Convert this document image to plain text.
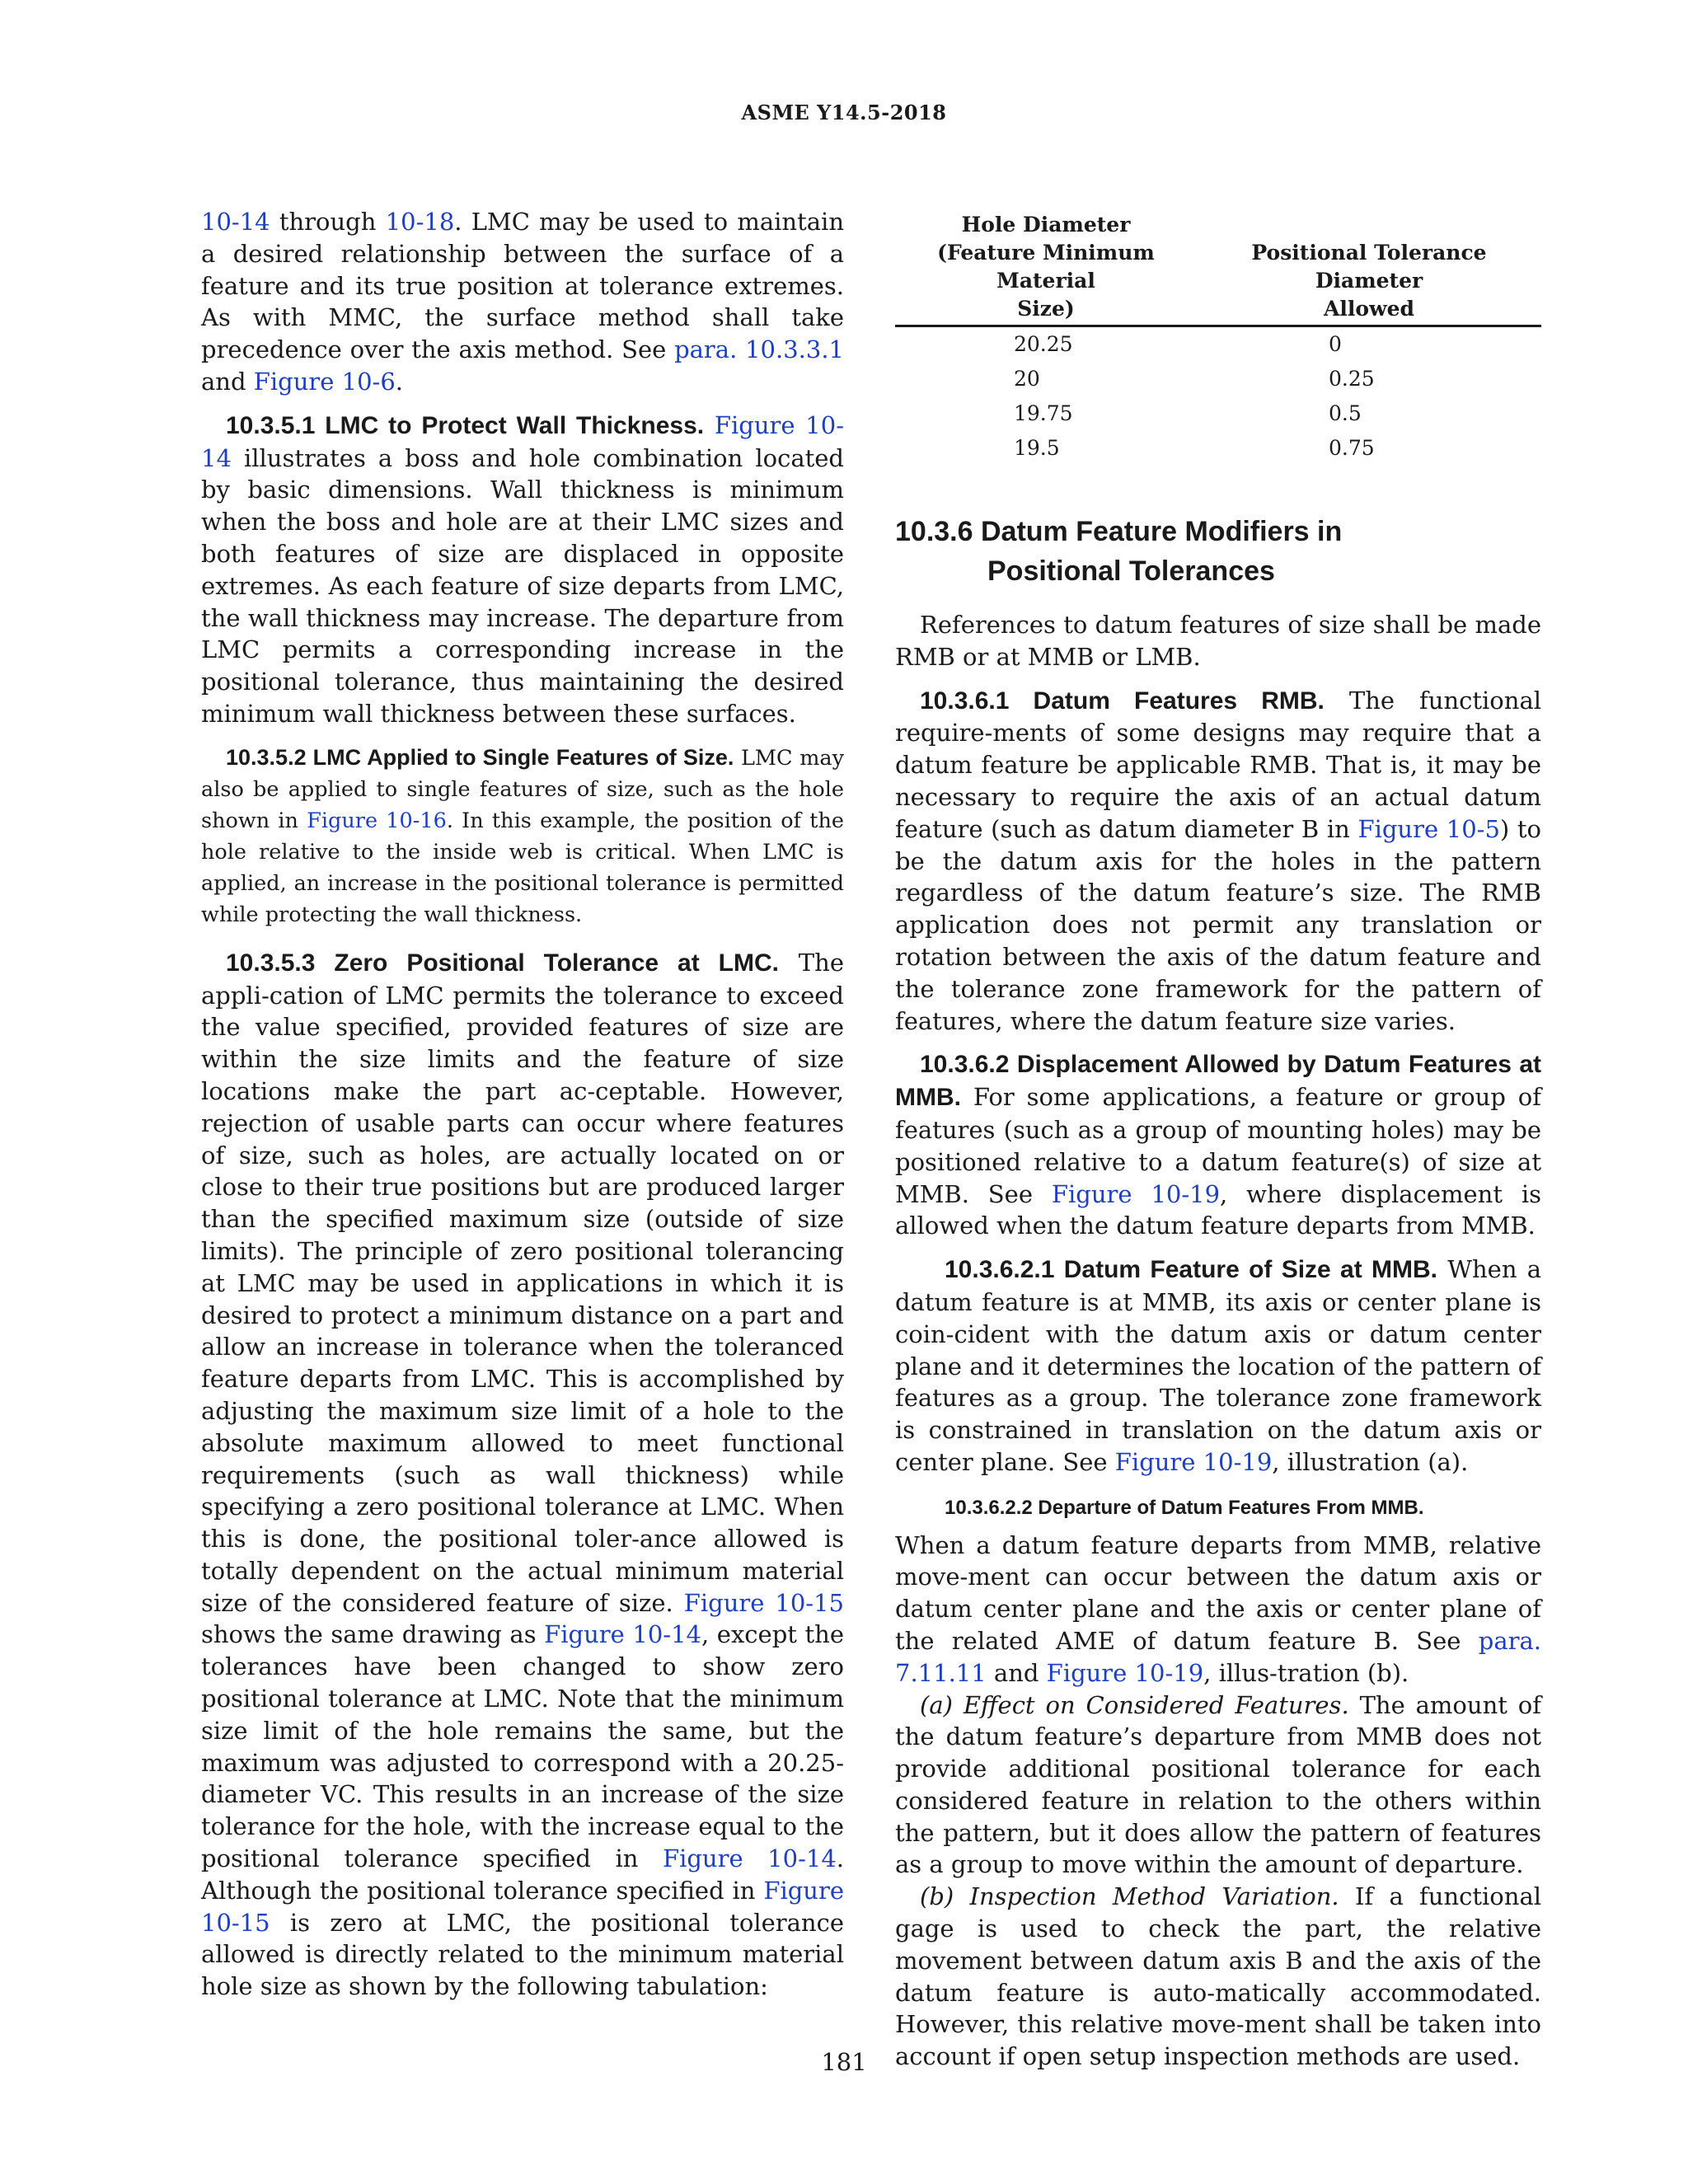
ASME Y14.5-2018

10-14 through 10-18. LMC may be used to maintain a desired relationship between the surface of a feature and its true position at tolerance extremes. As with MMC, the surface method shall take precedence over the axis method. See para. 10.3.3.1 and Figure 10-6.

10.3.5.1 LMC to Protect Wall Thickness. Figure 10-14 illustrates a boss and hole combination located by basic dimensions. Wall thickness is minimum when the boss and hole are at their LMC sizes and both features of size are displaced in opposite extremes. As each feature of size departs from LMC, the wall thickness may increase. The departure from LMC permits a corresponding increase in the positional tolerance, thus maintaining the desired minimum wall thickness between these surfaces.

10.3.5.2 LMC Applied to Single Features of Size. LMC may also be applied to single features of size, such as the hole shown in Figure 10-16. In this example, the position of the hole relative to the inside web is critical. When LMC is applied, an increase in the positional tolerance is permitted while protecting the wall thickness.

10.3.5.3 Zero Positional Tolerance at LMC. The appli-cation of LMC permits the tolerance to exceed the value specified, provided features of size are within the size limits and the feature of size locations make the part ac-ceptable. However, rejection of usable parts can occur where features of size, such as holes, are actually located on or close to their true positions but are produced larger than the specified maximum size (outside of size limits). The principle of zero positional tolerancing at LMC may be used in applications in which it is desired to protect a minimum distance on a part and allow an increase in tolerance when the toleranced feature departs from LMC. This is accomplished by adjusting the maximum size limit of a hole to the absolute maximum allowed to meet functional requirements (such as wall thickness) while specifying a zero positional tolerance at LMC. When this is done, the positional toler-ance allowed is totally dependent on the actual minimum material size of the considered feature of size. Figure 10-15 shows the same drawing as Figure 10-14, except the tolerances have been changed to show zero positional tolerance at LMC. Note that the minimum size limit of the hole remains the same, but the maximum was adjusted to correspond with a 20.25-diameter VC. This results in an increase of the size tolerance for the hole, with the increase equal to the positional tolerance specified in Figure 10-14. Although the positional tolerance specified in Figure 10-15 is zero at LMC, the positional tolerance allowed is directly related to the minimum material hole size as shown by the following tabulation:

Hole Diameter
(Feature Minimum Material
Size)	Positional Tolerance Diameter
Allowed
20.25	0
20	0.25
19.75	0.5
19.5	0.75
10.3.6 Datum Feature Modifiers in
Positional Tolerances

References to datum features of size shall be made RMB or at MMB or LMB.

10.3.6.1 Datum Features RMB. The functional require-ments of some designs may require that a datum feature be applicable RMB. That is, it may be necessary to require the axis of an actual datum feature (such as datum diameter B in Figure 10-5) to be the datum axis for the holes in the pattern regardless of the datum feature’s size. The RMB application does not permit any translation or rotation between the axis of the datum feature and the tolerance zone framework for the pattern of features, where the datum feature size varies.

10.3.6.2 Displacement Allowed by Datum Features at MMB. For some applications, a feature or group of features (such as a group of mounting holes) may be positioned relative to a datum feature(s) of size at MMB. See Figure 10-19, where displacement is allowed when the datum feature departs from MMB.

10.3.6.2.1 Datum Feature of Size at MMB. When a datum feature is at MMB, its axis or center plane is coin-cident with the datum axis or datum center plane and it determines the location of the pattern of features as a group. The tolerance zone framework is constrained in translation on the datum axis or center plane. See Figure 10-19, illustration (a).

10.3.6.2.2 Departure of Datum Features From MMB.

When a datum feature departs from MMB, relative move-ment can occur between the datum axis or datum center plane and the axis or center plane of the related AME of datum feature B. See para. 7.11.11 and Figure 10-19, illus-tration (b).

(a) Effect on Considered Features. The amount of the datum feature’s departure from MMB does not provide additional positional tolerance for each considered feature in relation to the others within the pattern, but it does allow the pattern of features as a group to move within the amount of departure.

(b) Inspection Method Variation. If a functional gage is used to check the part, the relative movement between datum axis B and the axis of the datum feature is auto-matically accommodated. However, this relative move-ment shall be taken into account if open setup inspection methods are used.

181
